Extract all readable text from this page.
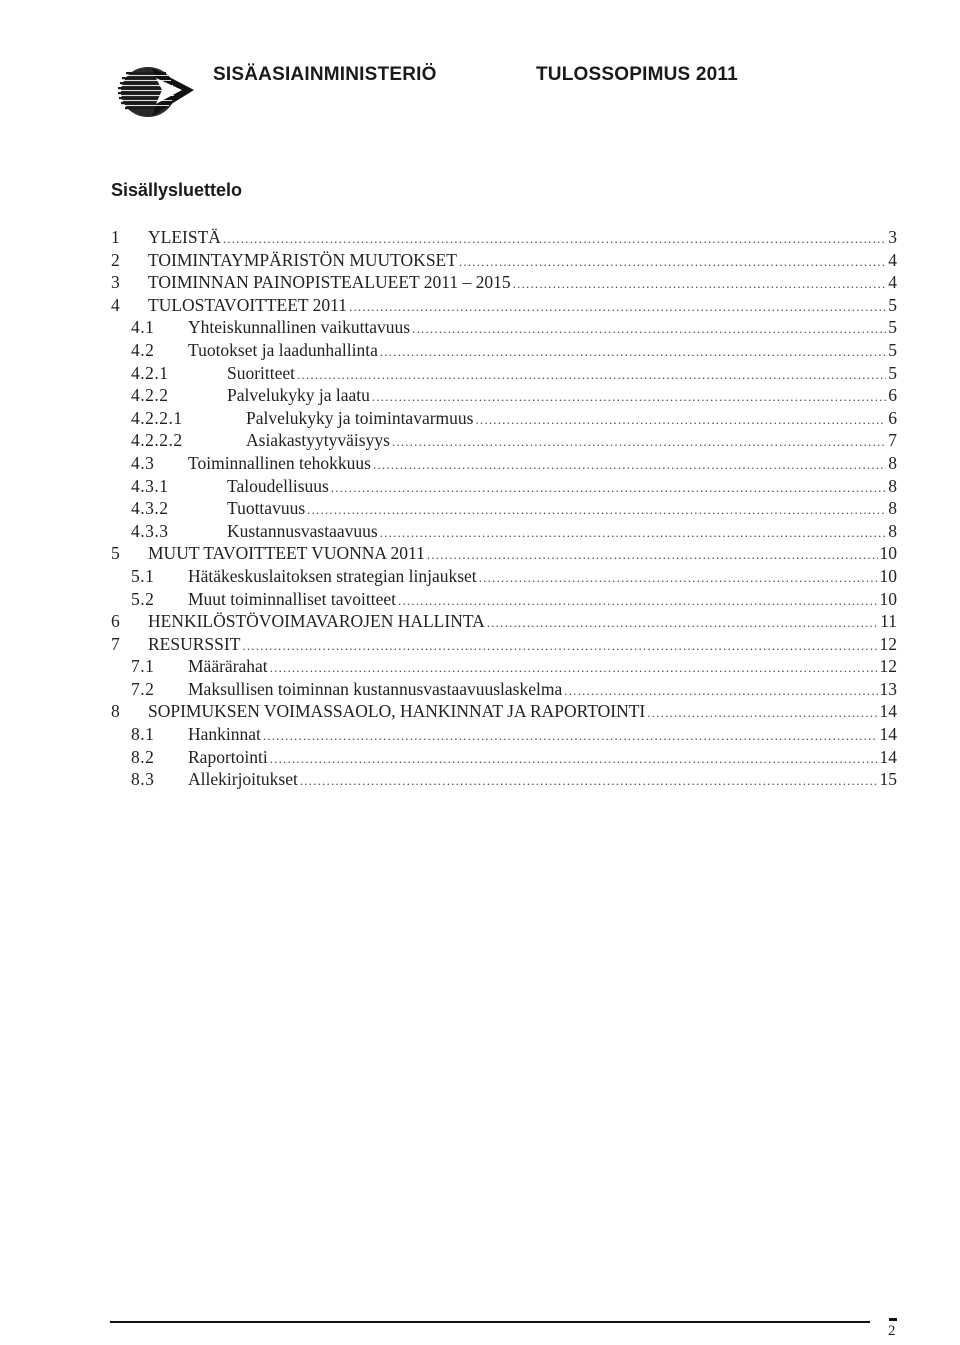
SISÄASIAINMINISTERIÖ	TULOSSOPIMUS 2011
Sisällysluettelo
1 YLEISTÄ .....	3
2 TOIMINTAYMPÄRISTÖN MUUTOKSET .....	4
3 TOIMINNAN PAINOPISTEALUEET 2011 – 2015 .....	4
4 TULOSTAVOITTEET 2011 .....	5
4.1 Yhteiskunnallinen vaikuttavuus .....	5
4.2 Tuotokset ja laadunhallinta .....	5
4.2.1	Suoritteet .....	5
4.2.2	Palvelukyky ja laatu .....	6
4.2.2.1	Palvelukyky ja toimintavarmuus .....	6
4.2.2.2	Asiakastyytyväisyys .....	7
4.3 Toiminnallinen tehokkuus .....	8
4.3.1	Taloudellisuus .....	8
4.3.2	Tuottavuus .....	8
4.3.3	Kustannusvastaavuus .....	8
5 MUUT TAVOITTEET VUONNA 2011 .....	10
5.1 Hätäkeskuslaitoksen strategian linjaukset .....	10
5.2 Muut toiminnalliset tavoitteet .....	10
6 HENKILÖSTÖVOIMAVAROJEN HALLINTA .....	11
7 RESURSSIT .....	12
7.1 Määrärahat .....	12
7.2 Maksullisen toiminnan kustannusvastaavuuslaskelma .....	13
8 SOPIMUKSEN VOIMASSAOLO, HANKINNAT JA RAPORTOINTI .....	14
8.1 Hankinnat .....	14
8.2 Raportointi .....	14
8.3 Allekirjoitukset .....	15
2
